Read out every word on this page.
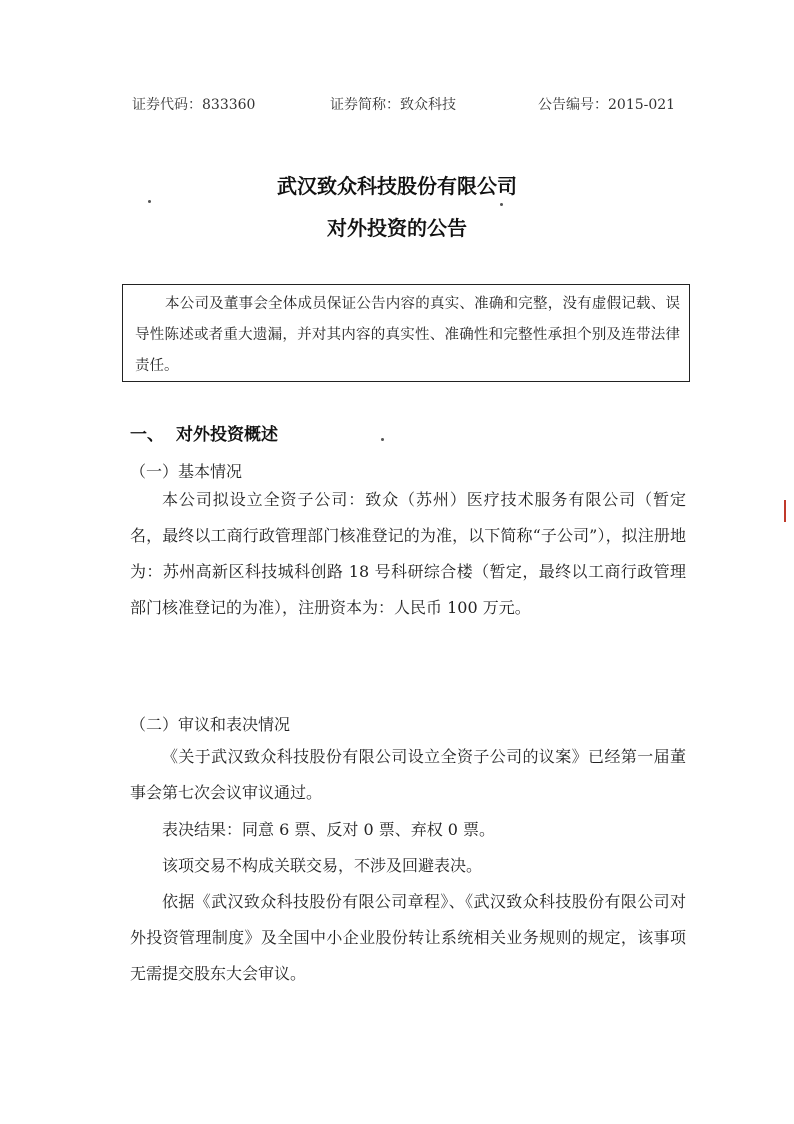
证券代码：833360	证券简称：致众科技	公告编号：2015-021
武汉致众科技股份有限公司
对外投资的公告
本公司及董事会全体成员保证公告内容的真实、准确和完整，没有虚假记载、误导性陈述或者重大遗漏，并对其内容的真实性、准确性和完整性承担个别及连带法律责任。
一、 对外投资概述
（一）基本情况
本公司拟设立全资子公司：致众（苏州）医疗技术服务有限公司（暂定名，最终以工商行政管理部门核准登记的为准，以下简称“子公司”），拟注册地为：苏州高新区科技城科创路 18 号科研综合楼（暂定，最终以工商行政管理部门核准登记的为准），注册资本为：人民币 100 万元。
（二）审议和表决情况
《关于武汉致众科技股份有限公司设立全资子公司的议案》已经第一届董事会第七次会议审议通过。
表决结果：同意 6 票、反对 0 票、弃权 0 票。
该项交易不构成关联交易，不涉及回避表决。
依据《武汉致众科技股份有限公司章程》、《武汉致众科技股份有限公司对外投资管理制度》及全国中小企业股份转让系统相关业务规则的规定，该事项无需提交股东大会审议。
